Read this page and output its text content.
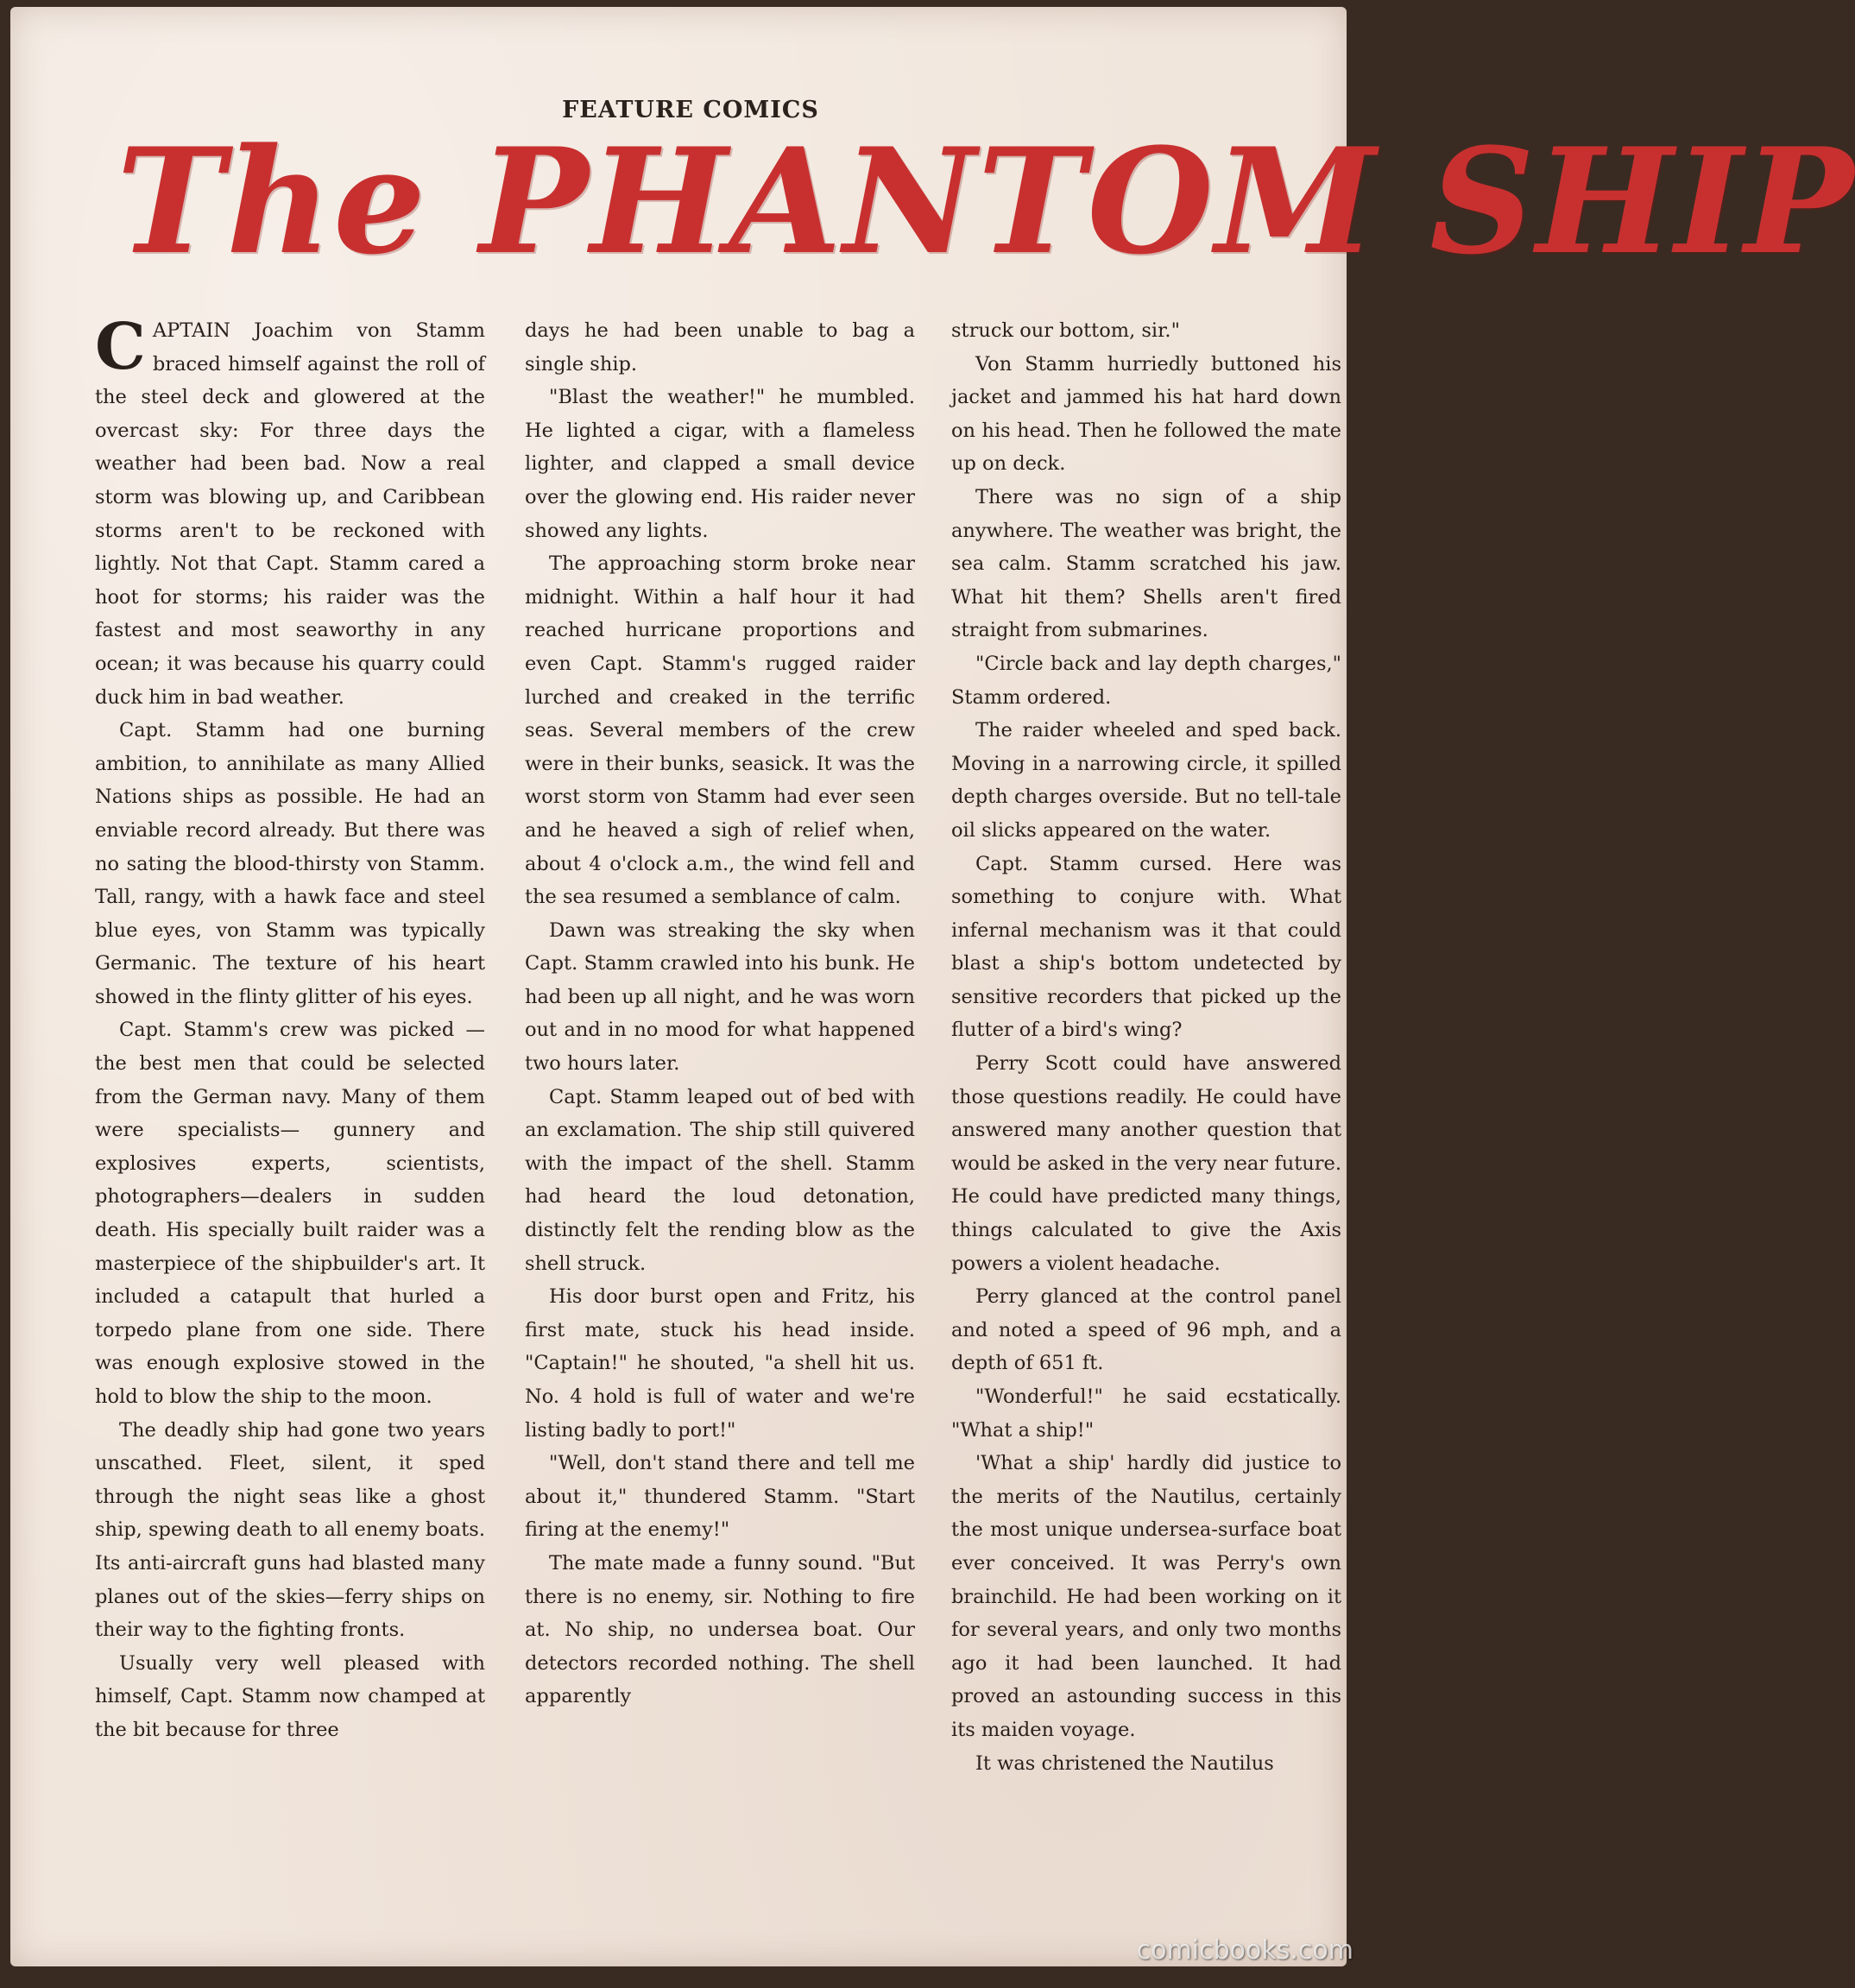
FEATURE COMICS
The PHANTOM SHIP

CAPTAIN Joachim von Stamm braced himself against the roll of the steel deck and glowered at the overcast sky: For three days the weather had been bad. Now a real storm was blowing up, and Caribbean storms aren't to be reckoned with lightly. Not that Capt. Stamm cared a hoot for storms; his raider was the fastest and most seaworthy in any ocean; it was because his quarry could duck him in bad weather.

Capt. Stamm had one burning ambition, to annihilate as many Allied Nations ships as possible. He had an enviable record already. But there was no sating the blood-thirsty von Stamm. Tall, rangy, with a hawk face and steel blue eyes, von Stamm was typically Germanic. The texture of his heart showed in the flinty glitter of his eyes.

Capt. Stamm's crew was picked —the best men that could be selected from the German navy. Many of them were specialists— gunnery and explosives experts, scientists, photographers—dealers in sudden death. His specially built raider was a masterpiece of the shipbuilder's art. It included a catapult that hurled a torpedo plane from one side. There was enough explosive stowed in the hold to blow the ship to the moon.

The deadly ship had gone two years unscathed. Fleet, silent, it sped through the night seas like a ghost ship, spewing death to all enemy boats. Its anti-aircraft guns had blasted many planes out of the skies—ferry ships on their way to the fighting fronts.

Usually very well pleased with himself, Capt. Stamm now champed at the bit because for three

days he had been unable to bag a single ship.

"Blast the weather!" he mumbled. He lighted a cigar, with a flameless lighter, and clapped a small device over the glowing end. His raider never showed any lights.

The approaching storm broke near midnight. Within a half hour it had reached hurricane proportions and even Capt. Stamm's rugged raider lurched and creaked in the terrific seas. Several members of the crew were in their bunks, seasick. It was the worst storm von Stamm had ever seen and he heaved a sigh of relief when, about 4 o'clock a.m., the wind fell and the sea resumed a semblance of calm.

Dawn was streaking the sky when Capt. Stamm crawled into his bunk. He had been up all night, and he was worn out and in no mood for what happened two hours later.

Capt. Stamm leaped out of bed with an exclamation. The ship still quivered with the impact of the shell. Stamm had heard the loud detonation, distinctly felt the rending blow as the shell struck.

His door burst open and Fritz, his first mate, stuck his head inside. "Captain!" he shouted, "a shell hit us. No. 4 hold is full of water and we're listing badly to port!"

"Well, don't stand there and tell me about it," thundered Stamm. "Start firing at the enemy!"

The mate made a funny sound. "But there is no enemy, sir. Nothing to fire at. No ship, no undersea boat. Our detectors recorded nothing. The shell apparently

struck our bottom, sir."

Von Stamm hurriedly buttoned his jacket and jammed his hat hard down on his head. Then he followed the mate up on deck.

There was no sign of a ship anywhere. The weather was bright, the sea calm. Stamm scratched his jaw. What hit them? Shells aren't fired straight from submarines.

"Circle back and lay depth charges," Stamm ordered.

The raider wheeled and sped back. Moving in a narrowing circle, it spilled depth charges overside. But no tell-tale oil slicks appeared on the water.

Capt. Stamm cursed. Here was something to conjure with. What infernal mechanism was it that could blast a ship's bottom undetected by sensitive recorders that picked up the flutter of a bird's wing?

Perry Scott could have answered those questions readily. He could have answered many another question that would be asked in the very near future. He could have predicted many things, things calculated to give the Axis powers a violent headache.

Perry glanced at the control panel and noted a speed of 96 mph, and a depth of 651 ft.

"Wonderful!" he said ecstatically. "What a ship!"

'What a ship' hardly did justice to the merits of the Nautilus, certainly the most unique undersea-surface boat ever conceived. It was Perry's own brainchild. He had been working on it for several years, and only two months ago it had been launched. It had proved an astounding success in this its maiden voyage.

It was christened the Nautilus

comicbooks.com
